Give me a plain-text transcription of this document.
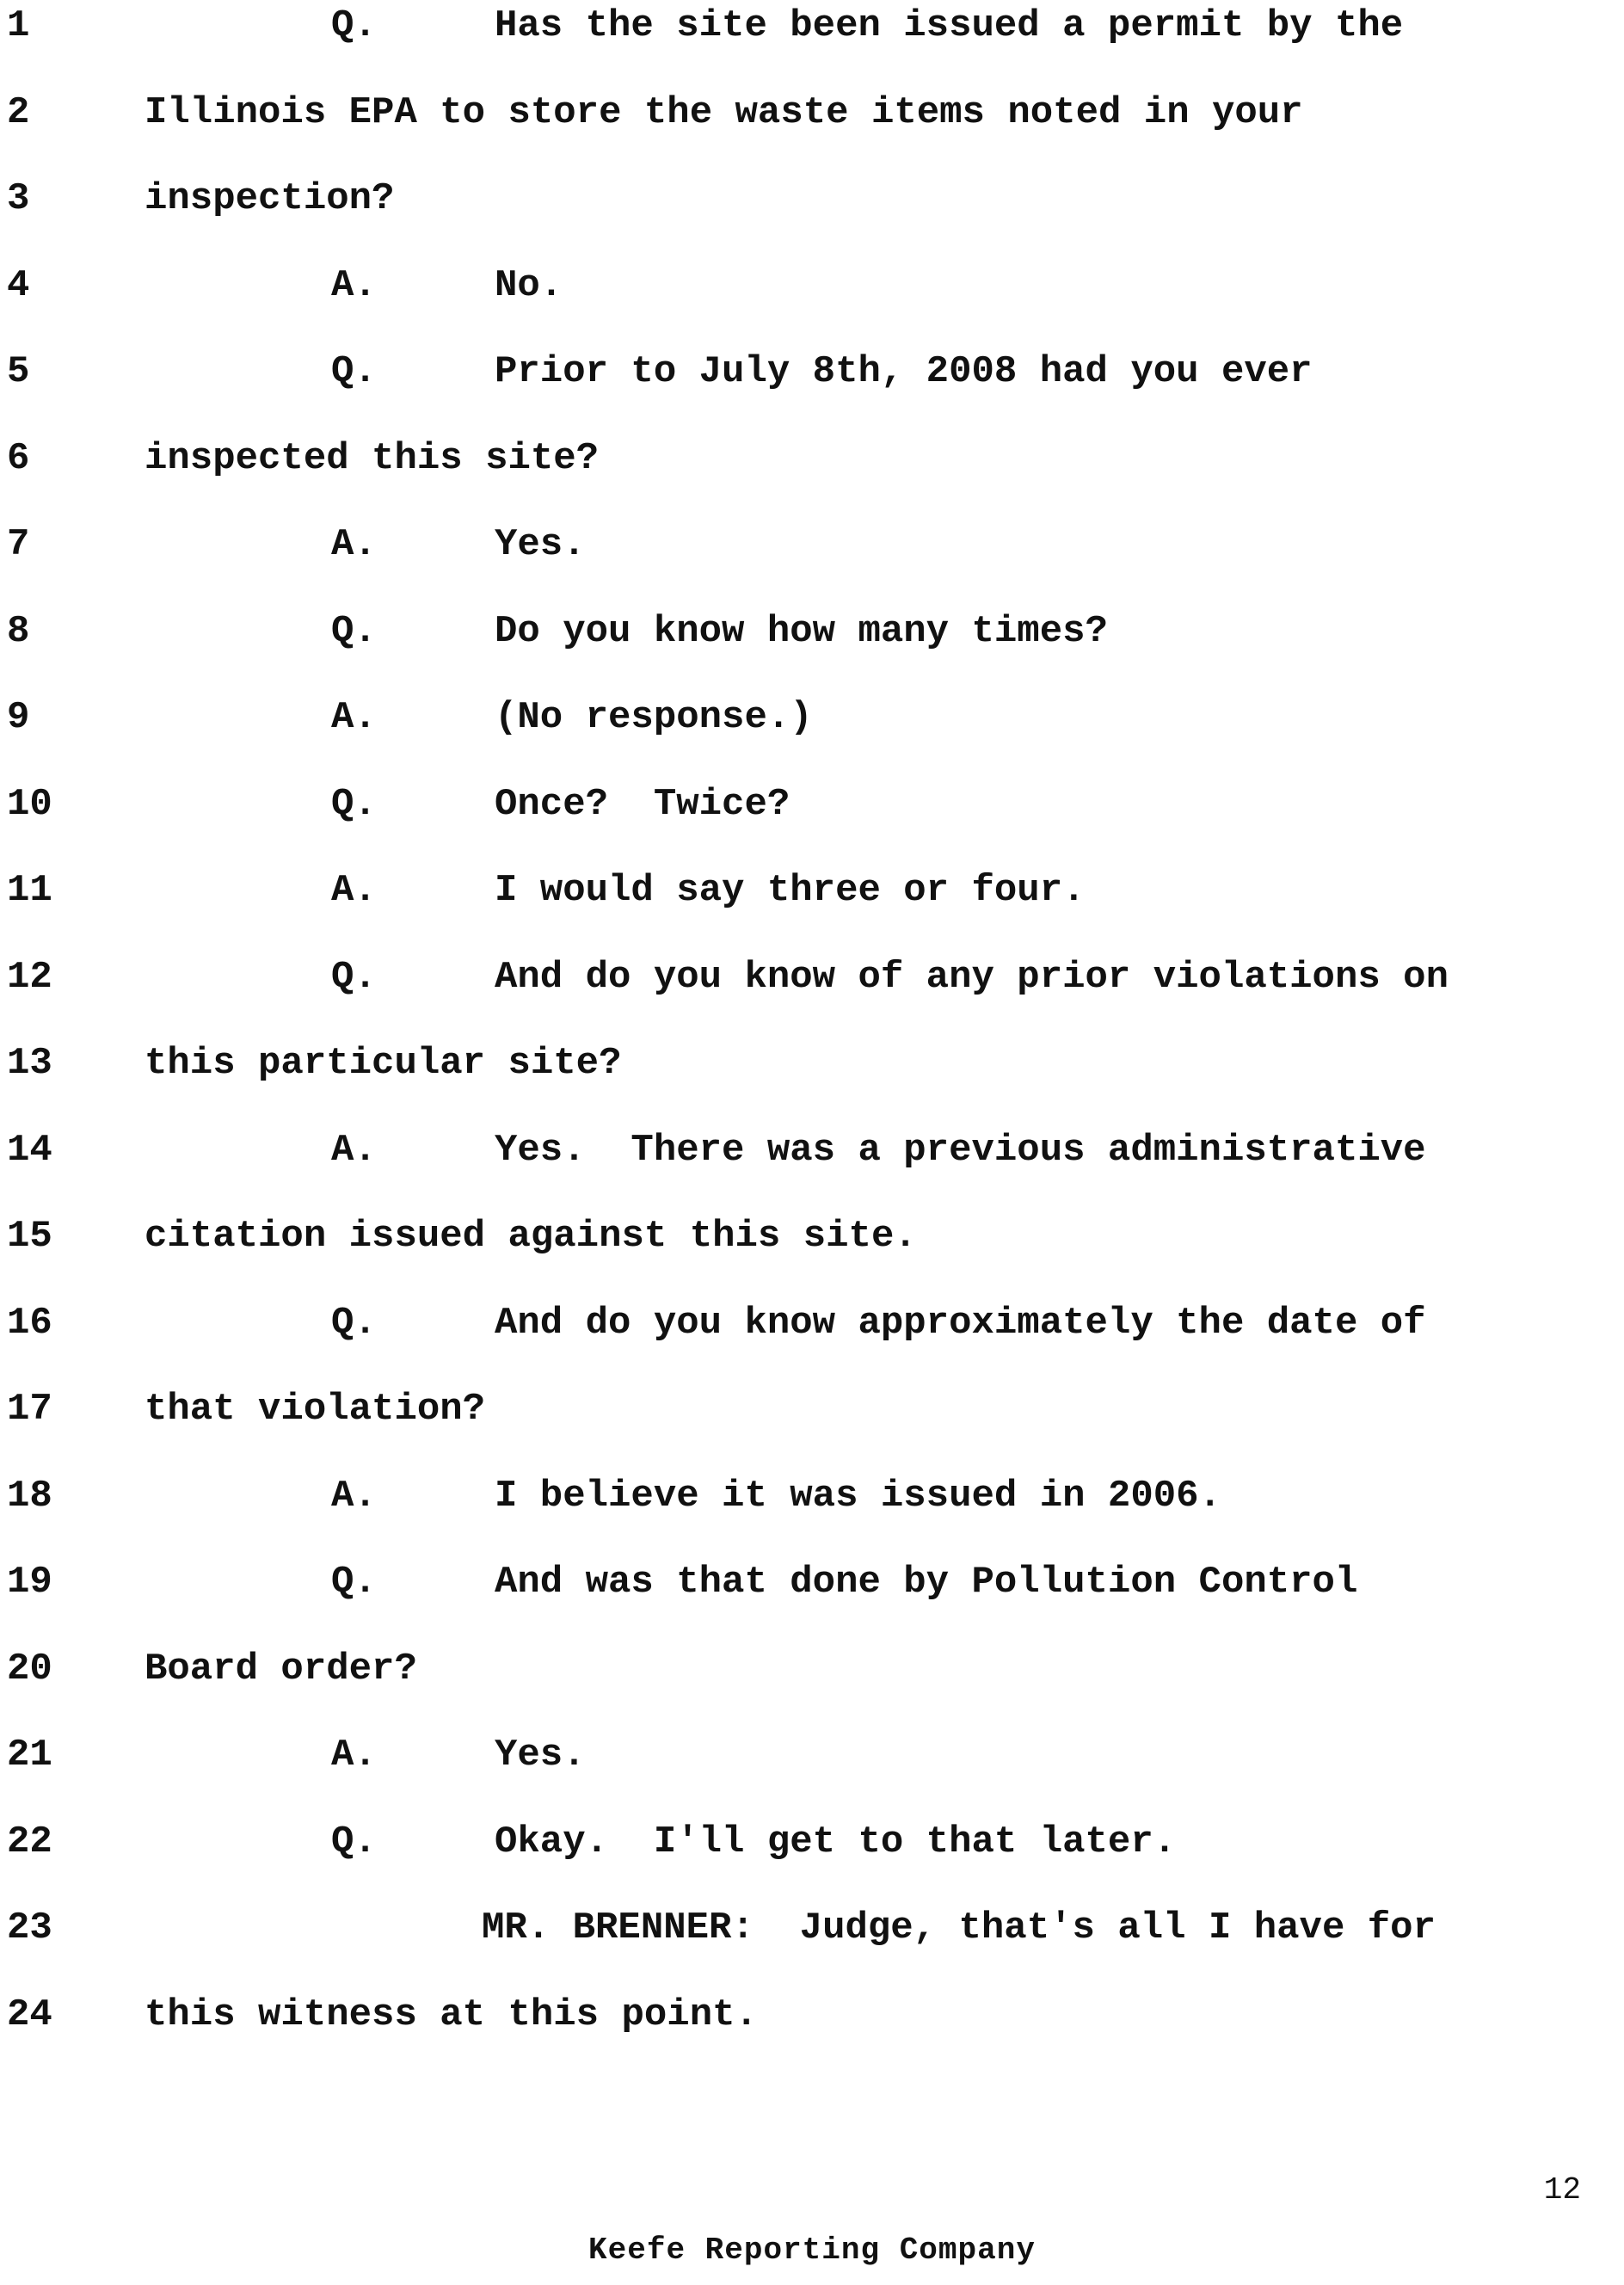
1	Q.	Has the site been issued a permit by the
2	Illinois EPA to store the waste items noted in your
3	inspection?
4	A.	No.
5	Q.	Prior to July 8th, 2008 had you ever
6	inspected this site?
7	A.	Yes.
8	Q.	Do you know how many times?
9	A.	(No response.)
10	Q.	Once?  Twice?
11	A.	I would say three or four.
12	Q.	And do you know of any prior violations on
13	this particular site?
14	A.	Yes.  There was a previous administrative
15	citation issued against this site.
16	Q.	And do you know approximately the date of
17	that violation?
18	A.	I believe it was issued in 2006.
19	Q.	And was that done by Pollution Control
20	Board order?
21	A.	Yes.
22	Q.	Okay.  I'll get to that later.
23	MR. BRENNER:  Judge, that's all I have for
24	this witness at this point.
12
Keefe Reporting Company
